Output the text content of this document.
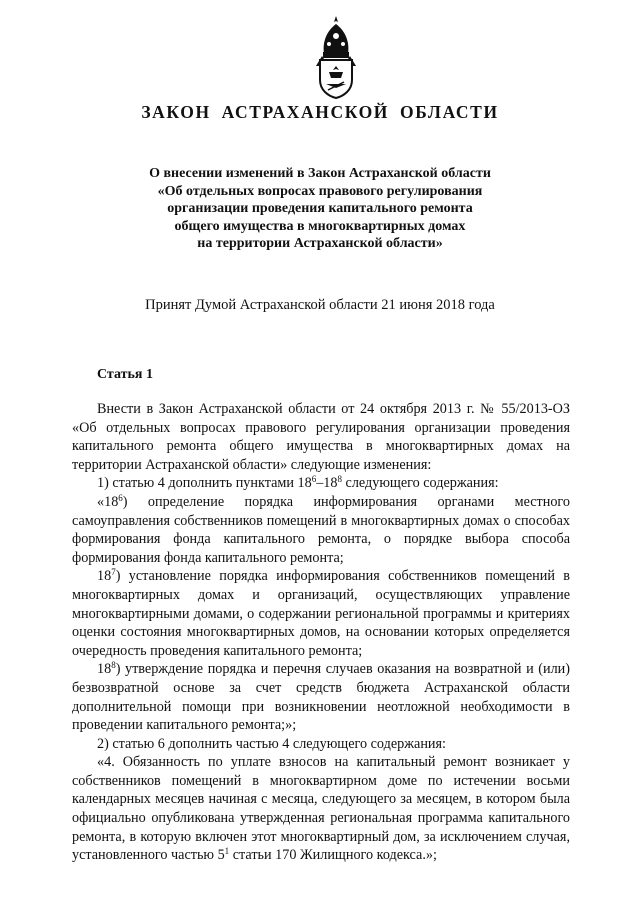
ЗАКОН АСТРАХАНСКОЙ ОБЛАСТИ
О внесении изменений в Закон Астраханской области
«Об отдельных вопросах правового регулирования
организации проведения капитального ремонта
общего имущества в многоквартирных домах
на территории Астраханской области»
Принят Думой Астраханской области 21 июня 2018 года
Статья 1

Внести в Закон Астраханской области от 24 октября 2013 г. № 55/2013-ОЗ «Об отдельных вопросах правового регулирования организации проведения капитального ремонта общего имущества в многоквартирных домах на территории Астраханской области» следующие изменения:

1) статью 4 дополнить пунктами $18^6-18^8$ следующего содержания:

«$18^6$) определение порядка информирования органами местного самоуправления собственников помещений в многоквартирных домах о способах формирования фонда капитального ремонта, о порядке выбора способа формирования фонда капитального ремонта;

$18^7$) установление порядка информирования собственников помещений в многоквартирных домах и организаций, осуществляющих управление многоквартирными домами, о содержании региональной программы и критериях оценки состояния многоквартирных домов, на основании которых определяется очередность проведения капитального ремонта;

$18^8$) утверждение порядка и перечня случаев оказания на возвратной и (или) безвозвратной основе за счет средств бюджета Астраханской области дополнительной помощи при возникновении неотложной необходимости в проведении капитального ремонта;»;

2) статью 6 дополнить частью 4 следующего содержания:

«4. Обязанность по уплате взносов на капитальный ремонт возникает у собственников помещений в многоквартирном доме по истечении восьми календарных месяцев начиная с месяца, следующего за месяцем, в котором была официально опубликована утвержденная региональная программа капитального ремонта, в которую включен этот многоквартирный дом, за исключением случая, установленного частью $5^1$ статьи 170 Жилищного кодекса.»;
